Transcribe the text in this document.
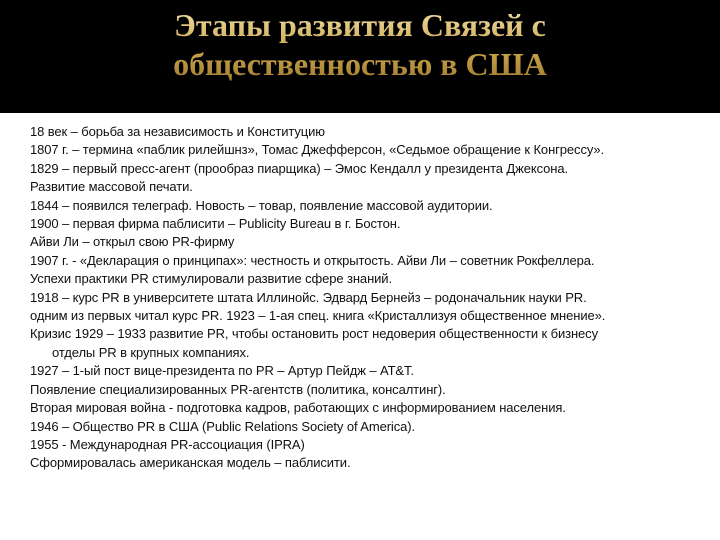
Этапы развития Связей с
общественностью в США
18 век – борьба за независимость и Конституцию
1807 г. – термина «паблик рилейшнз», Томас Джефферсон, «Седьмое обращение к Конгрессу».
1829 – первый пресс-агент (прообраз пиарщика) – Эмос Кендалл у президента Джексона.
Развитие массовой печати.
1844 – появился телеграф. Новость – товар, появление массовой аудитории.
1900 – первая фирма паблисити – Publicity Bureau в г. Бостон.
Айви Ли – открыл свою PR-фирму
1907 г. - «Декларация о принципах»: честность и открытость. Айви Ли – советник Рокфеллера.
Успехи практики PR стимулировали развитие сфере знаний.
1918 – курс PR в университете штата Иллинойс. Эдвард Бернейз – родоначальник науки PR.
одним из первых читал курс PR. 1923 – 1-ая спец. книга «Кристаллизуя общественное мнение».
Кризис 1929 – 1933 развитие PR, чтобы остановить рост недоверия общественности к бизнесу
отделы PR в крупных компаниях.
1927 – 1-ый пост вице-президента по PR – Артур Пейдж – AT&T.
Появление специализированных PR-агентств (политика, консалтинг).
Вторая мировая война - подготовка кадров, работающих с информированием населения.
1946 – Общество PR в США (Public Relations Society of America).
1955 - Международная PR-ассоциация (IPRA)
Сформировалась американская модель – паблисити.
